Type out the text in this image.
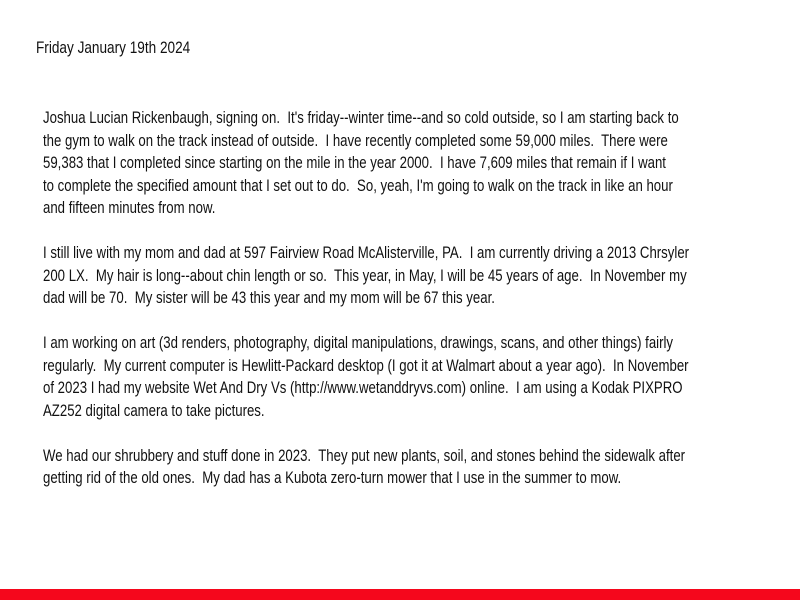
Friday January 19th 2024
Joshua Lucian Rickenbaugh, signing on.  It's friday--winter time--and so cold outside, so I am starting back to
the gym to walk on the track instead of outside.  I have recently completed some 59,000 miles.  There were
59,383 that I completed since starting on the mile in the year 2000.  I have 7,609 miles that remain if I want
to complete the specified amount that I set out to do.  So, yeah, I'm going to walk on the track in like an hour
and fifteen minutes from now.
I still live with my mom and dad at 597 Fairview Road McAlisterville, PA.  I am currently driving a 2013 Chrsyler
200 LX.  My hair is long--about chin length or so.  This year, in May, I will be 45 years of age.  In November my
dad will be 70.  My sister will be 43 this year and my mom will be 67 this year.
I am working on art (3d renders, photography, digital manipulations, drawings, scans, and other things) fairly
regularly.  My current computer is Hewlitt-Packard desktop (I got it at Walmart about a year ago).  In November
of 2023 I had my website Wet And Dry Vs (http://www.wetanddryvs.com) online.  I am using a Kodak PIXPRO
AZ252 digital camera to take pictures.
We had our shrubbery and stuff done in 2023.  They put new plants, soil, and stones behind the sidewalk after
getting rid of the old ones.  My dad has a Kubota zero-turn mower that I use in the summer to mow.
